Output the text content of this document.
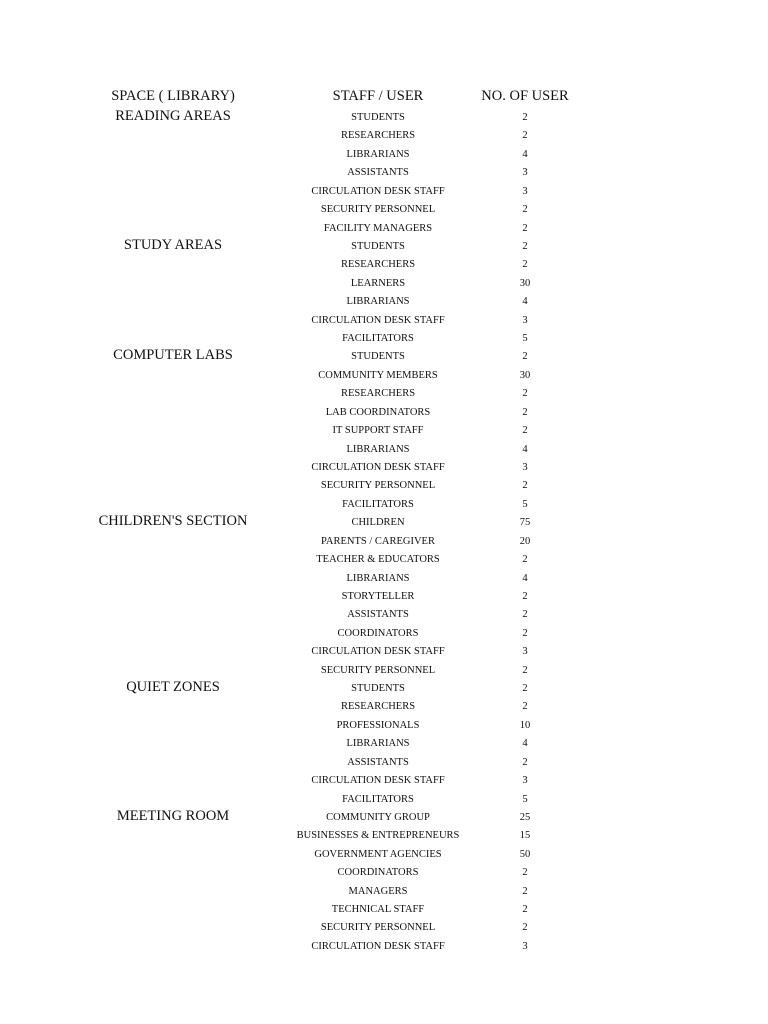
SPACE ( LIBRARY)	STAFF / USER	NO. OF USER
READING AREAS	STUDENTS	2
RESEARCHERS	2
LIBRARIANS	4
ASSISTANTS	3
CIRCULATION DESK STAFF	3
SECURITY PERSONNEL	2
FACILITY MANAGERS	2
STUDY AREAS	STUDENTS	2
RESEARCHERS	2
LEARNERS	30
LIBRARIANS	4
CIRCULATION DESK STAFF	3
FACILITATORS	5
COMPUTER LABS	STUDENTS	2
COMMUNITY MEMBERS	30
RESEARCHERS	2
LAB COORDINATORS	2
IT SUPPORT STAFF	2
LIBRARIANS	4
CIRCULATION DESK STAFF	3
SECURITY PERSONNEL	2
FACILITATORS	5
CHILDREN'S SECTION	CHILDREN	75
PARENTS / CAREGIVER	20
TEACHER & EDUCATORS	2
LIBRARIANS	4
STORYTELLER	2
ASSISTANTS	2
COORDINATORS	2
CIRCULATION DESK STAFF	3
SECURITY PERSONNEL	2
QUIET ZONES	STUDENTS	2
RESEARCHERS	2
PROFESSIONALS	10
LIBRARIANS	4
ASSISTANTS	2
CIRCULATION DESK STAFF	3
FACILITATORS	5
MEETING ROOM	COMMUNITY GROUP	25
BUSINESSES & ENTREPRENEURS	15
GOVERNMENT AGENCIES	50
COORDINATORS	2
MANAGERS	2
TECHNICAL STAFF	2
SECURITY PERSONNEL	2
CIRCULATION DESK STAFF	3
